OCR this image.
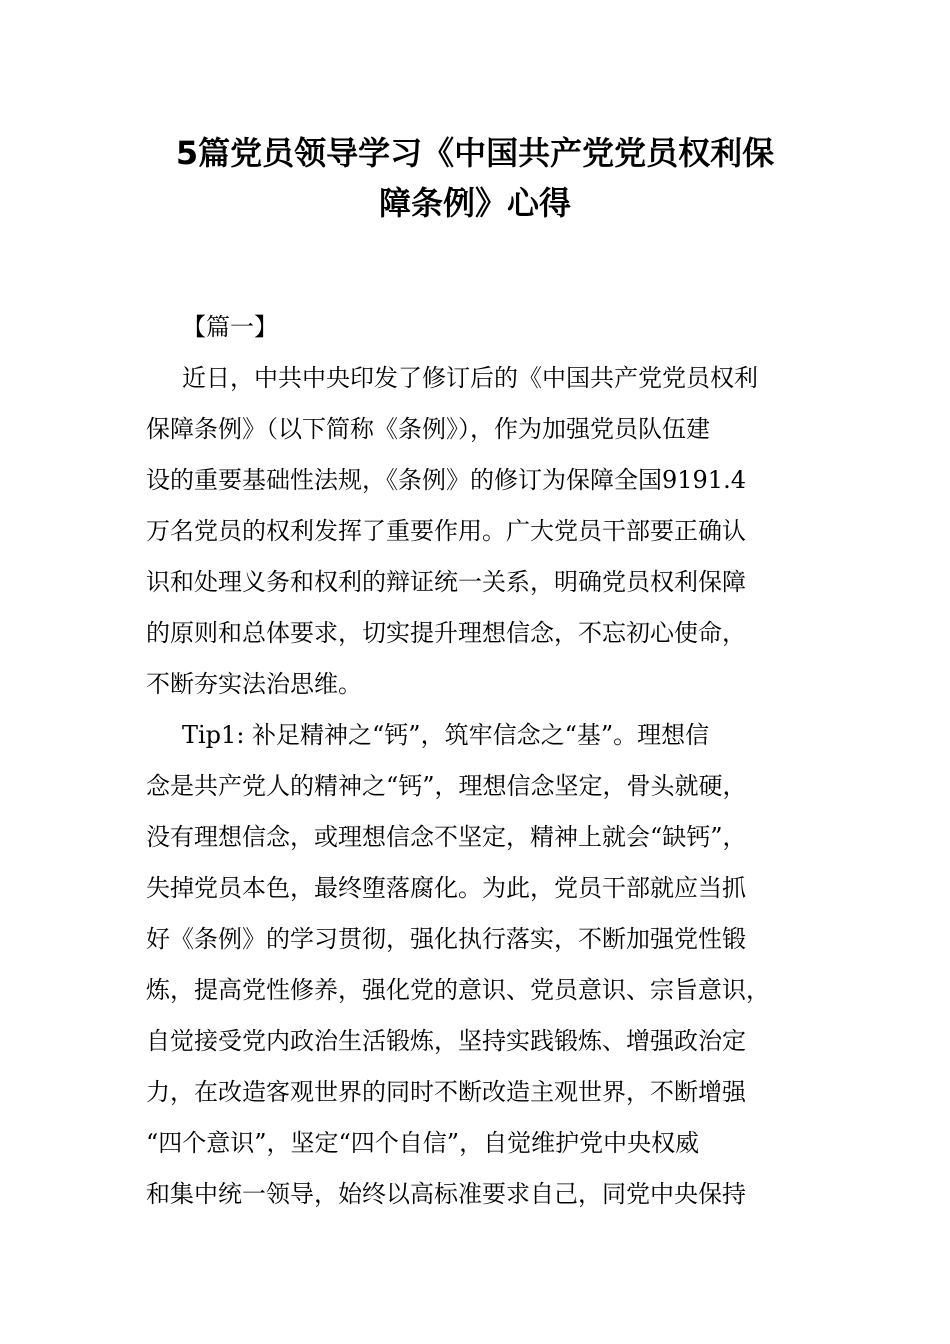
5篇党员领导学习《中国共产党党员权利保
障条例》心得
【篇一】
近日，中共中央印发了修订后的《中国共产党党员权利
保障条例》（以下简称《条例》），作为加强党员队伍建
设的重要基础性法规，《条例》的修订为保障全国9191.4
万名党员的权利发挥了重要作用。广大党员干部要正确认
识和处理义务和权利的辩证统一关系，明确党员权利保障
的原则和总体要求，切实提升理想信念，不忘初心使命，
不断夯实法治思维。
Tip1: 补足精神之“钙”，筑牢信念之“基”。理想信
念是共产党人的精神之“钙”，理想信念坚定，骨头就硬，
没有理想信念，或理想信念不坚定，精神上就会“缺钙”，
失掉党员本色，最终堕落腐化。为此，党员干部就应当抓
好《条例》的学习贯彻，强化执行落实，不断加强党性锻
炼，提高党性修养，强化党的意识、党员意识、宗旨意识，
自觉接受党内政治生活锻炼，坚持实践锻炼、增强政治定
力，在改造客观世界的同时不断改造主观世界，不断增强
“四个意识”，坚定“四个自信”，自觉维护党中央权威
和集中统一领导，始终以高标准要求自己，同党中央保持
